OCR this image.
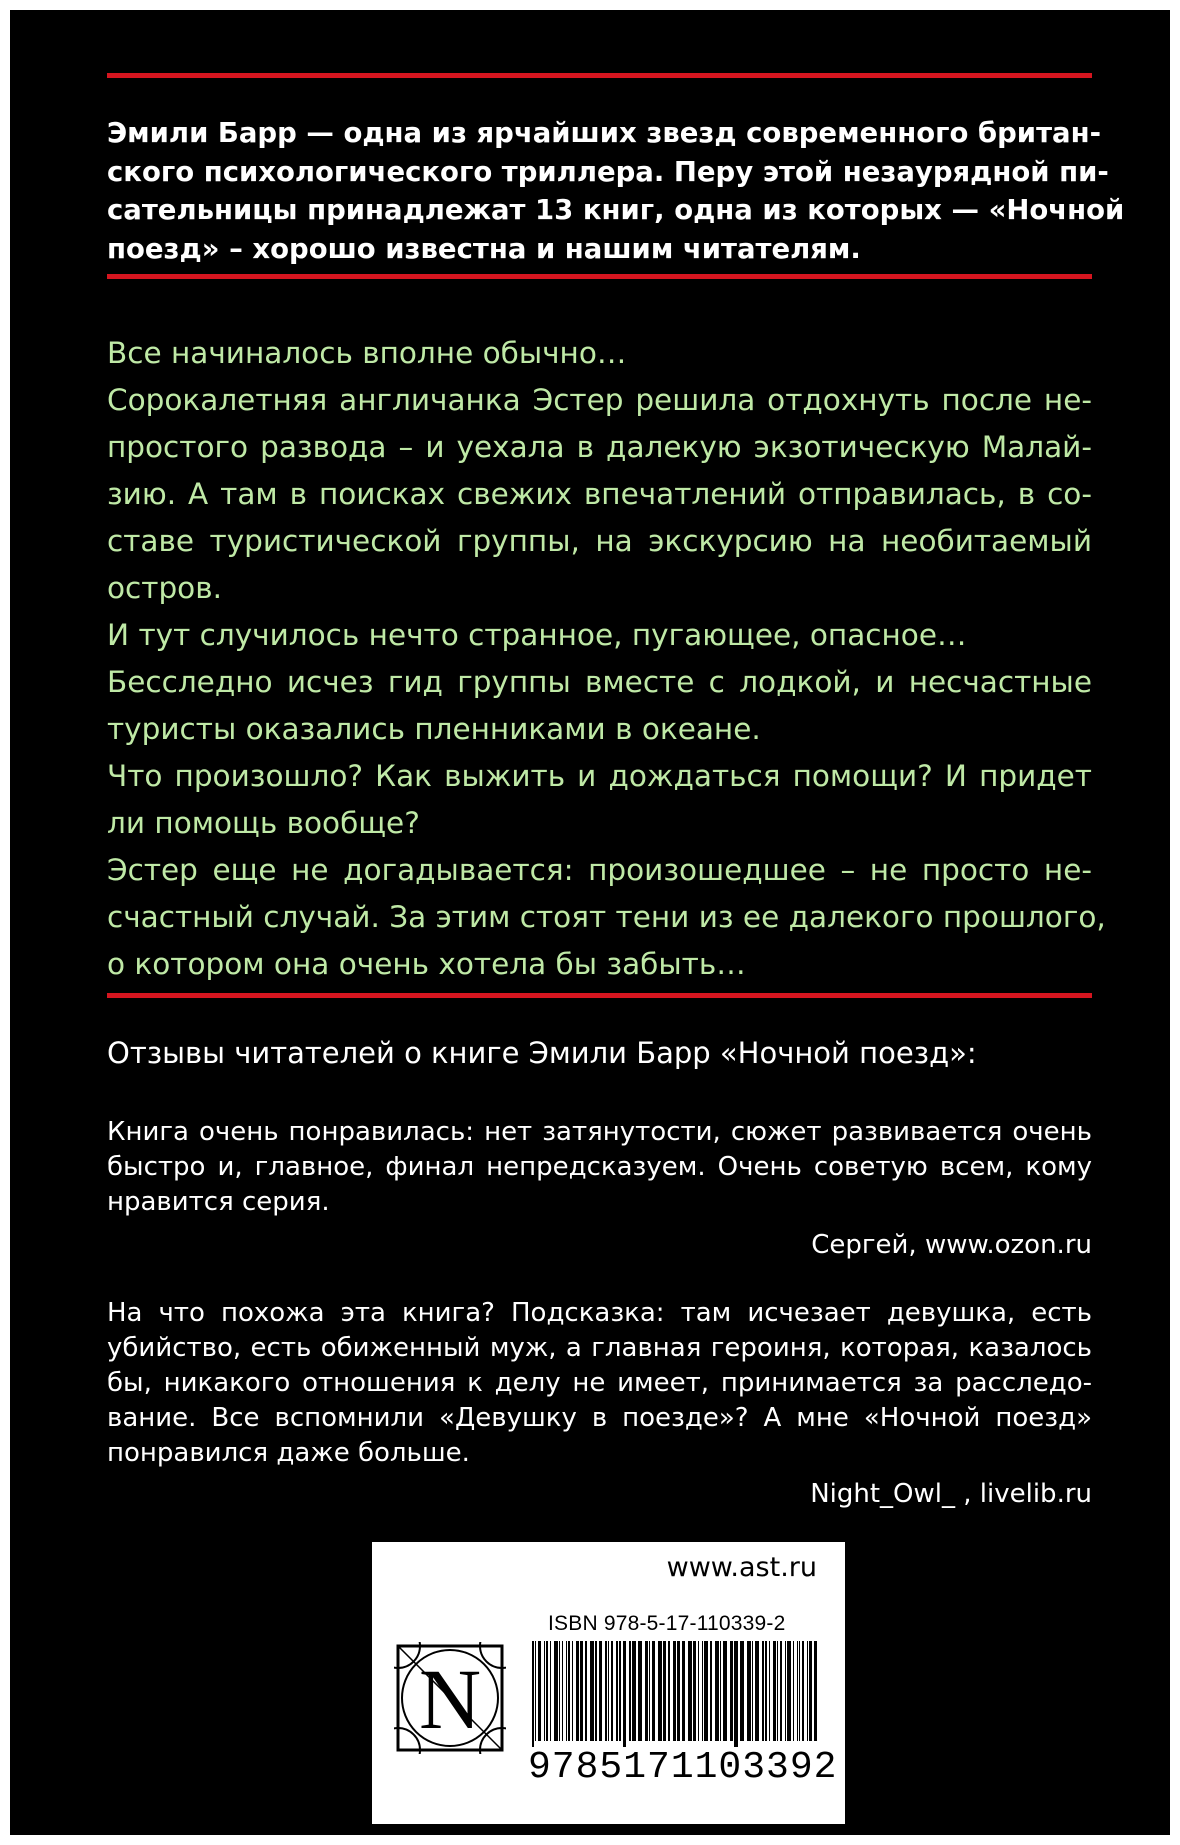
Эмили Барр — одна из ярчайших звезд современного британ-
ского психологического триллера. Перу этой незаурядной пи-
сательницы принадлежат 13 книг, одна из которых — «Ночной
поезд» – хорошо известна и нашим читателям.
Все начиналось вполне обычно…
Сорокалетняя англичанка Эстер решила отдохнуть после не-
простого развода – и уехала в далекую экзотическую Малай-
зию. А там в поисках свежих впечатлений отправилась, в со-
ставе туристической группы, на экскурсию на необитаемый
остров.
И тут случилось нечто странное, пугающее, опасное…
Бесследно исчез гид группы вместе с лодкой, и несчастные
туристы оказались пленниками в океане.
Что произошло? Как выжить и дождаться помощи? И придет
ли помощь вообще?
Эстер еще не догадывается: произошедшее – не просто не-
счастный случай. За этим стоят тени из ее далекого прошлого,
о котором она очень хотела бы забыть…
Отзывы читателей о книге Эмили Барр «Ночной поезд»:
Книга очень понравилась: нет затянутости, сюжет развивается очень
быстро и, главное, финал непредсказуем. Очень советую всем, кому
нравится серия.
Сергей, www.ozon.ru
На что похожа эта книга? Подсказка: там исчезает девушка, есть
убийство, есть обиженный муж, а главная героиня, которая, казалось
бы, никакого отношения к делу не имеет, принимается за расследо-
вание. Все вспомнили «Девушку в поезде»? А мне «Ночной поезд»
понравился даже больше.
Night_Owl_ , livelib.ru
www.ast.ru
ISBN 978-5-17-110339-2
N
9785171103392
